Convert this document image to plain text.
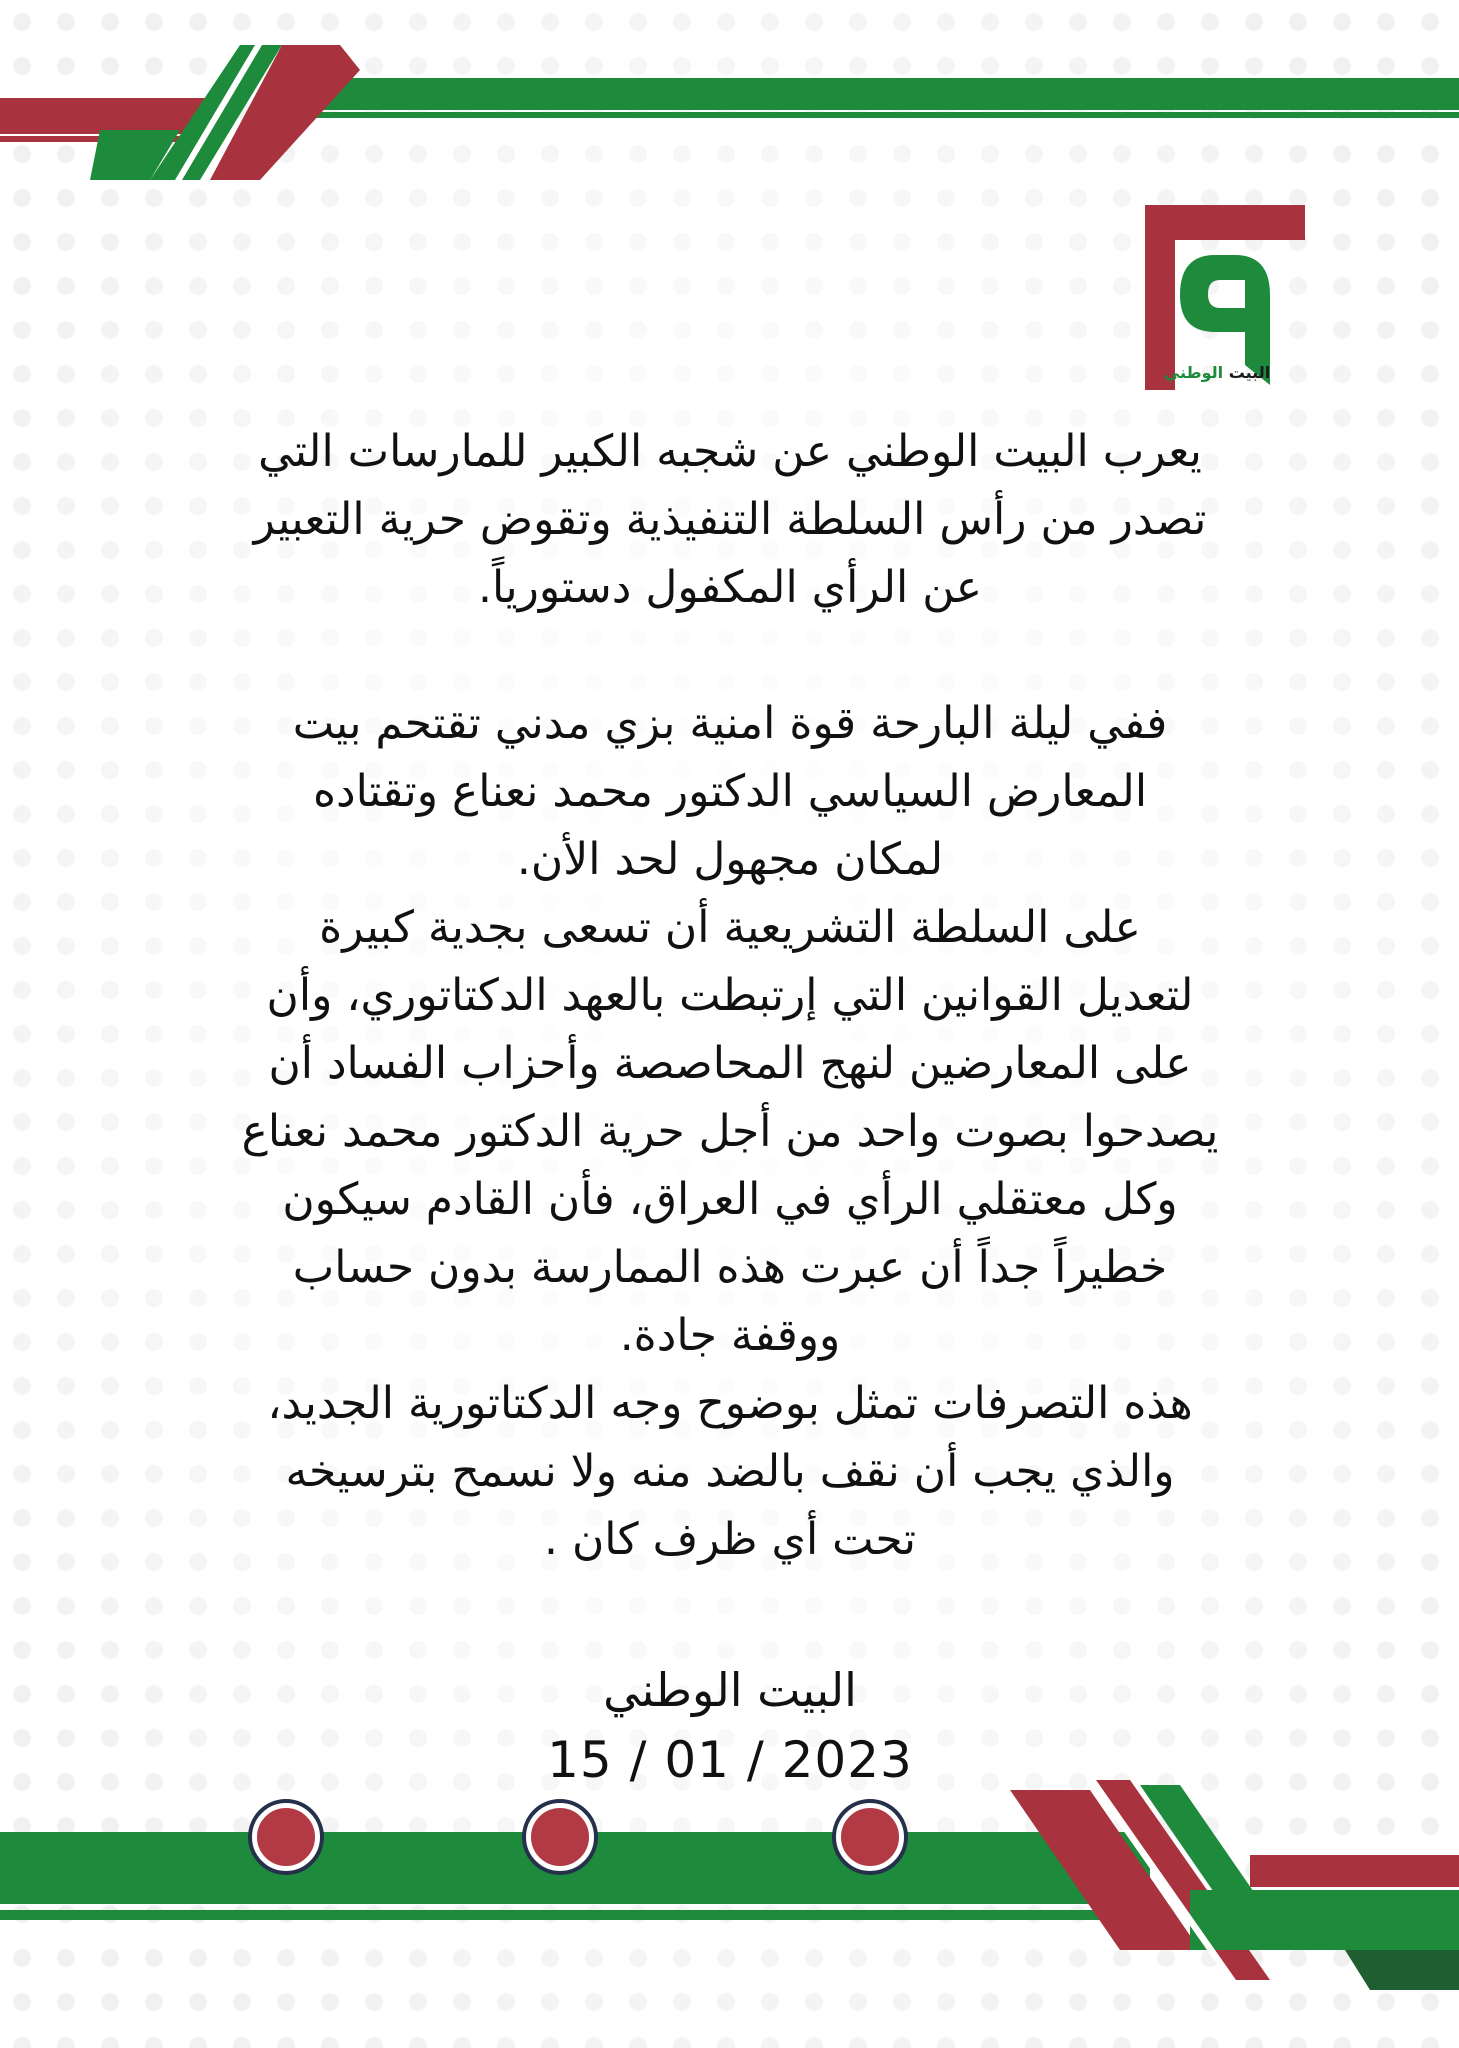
البيت الوطني
يعرب البيت الوطني عن شجبه الكبير للمارسات التي
تصدر من رأس السلطة التنفيذية وتقوض حرية التعبير
عن الرأي المكفول دستورياً.
ففي ليلة البارحة قوة امنية بزي مدني تقتحم بيت
المعارض السياسي الدكتور محمد نعناع وتقتاده
لمكان مجهول لحد الأن.
على السلطة التشريعية أن تسعى بجدية كبيرة
لتعديل القوانين التي إرتبطت بالعهد الدكتاتوري، وأن
على المعارضين لنهج المحاصصة وأحزاب الفساد أن
يصدحوا بصوت واحد من أجل حرية الدكتور محمد نعناع
وكل معتقلي الرأي في العراق، فأن القادم سيكون
خطيراً جداً أن عبرت هذه الممارسة بدون حساب
ووقفة جادة.
هذه التصرفات تمثل بوضوح وجه الدكتاتورية الجديد،
والذي يجب أن نقف بالضد منه ولا نسمح بترسيخه
تحت أي ظرف كان .
البيت الوطني
15 / 01 / 2023
